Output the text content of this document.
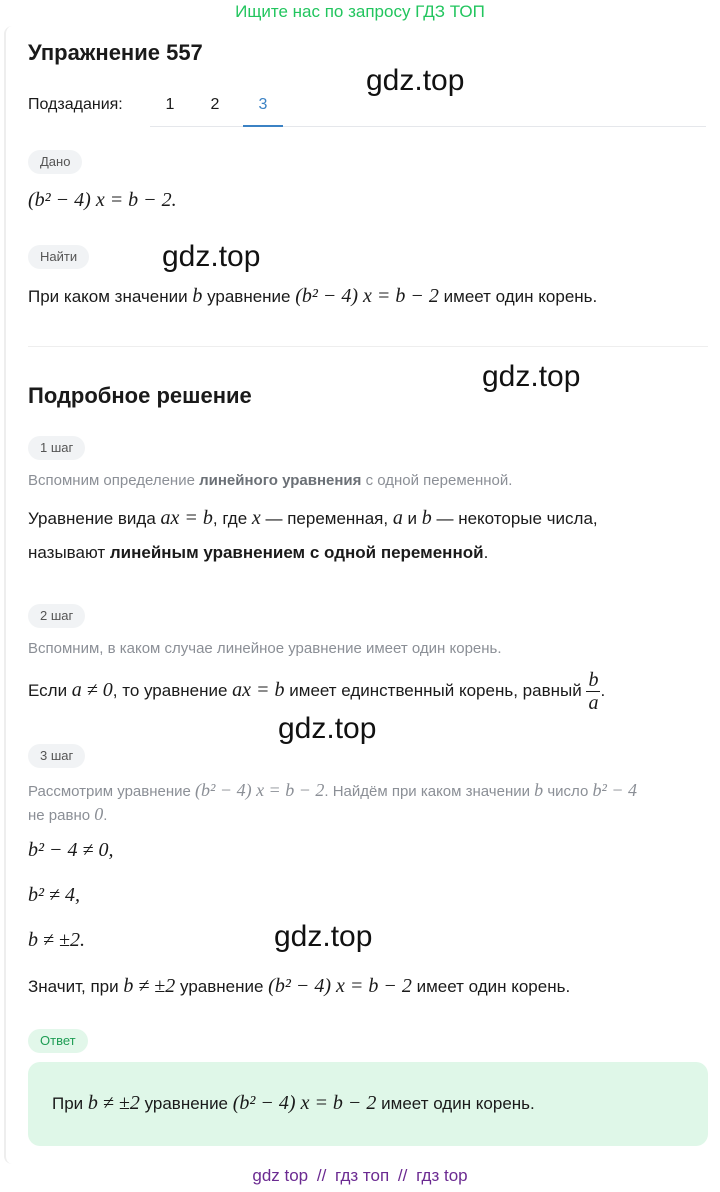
Ищите нас по запросу ГДЗ ТОП
Упражнение 557
Подзадания:	1	2	3
gdz.top
gdz.top
gdz.top
gdz.top
gdz.top
Дано
(b² − 4) x = b − 2.
Найти
При каком значении b уравнение (b² − 4) x = b − 2 имеет один корень.
Подробное решение
1 шаг
Вспомним определение линейного уравнения с одной переменной.
Уравнение вида ax = b, где x — переменная, a и b — некоторые числа,
называют линейным уравнением с одной переменной.
2 шаг
Вспомним, в каком случае линейное уравнение имеет один корень.
Если a ≠ 0, то уравнение ax = b имеет единственный корень, равный $\frac{b}{a}$ .
3 шаг
Рассмотрим уравнение (b² − 4) x = b − 2. Найдём при каком значении b число b² − 4
не равно 0.
b² − 4 ≠ 0,
b² ≠ 4,
b ≠ ±2.
Значит, при b ≠ ±2 уравнение (b² − 4) x = b − 2 имеет один корень.
Ответ
При b ≠ ±2 уравнение (b² − 4) x = b − 2 имеет один корень.
gdz top // гдз топ // гдз top
